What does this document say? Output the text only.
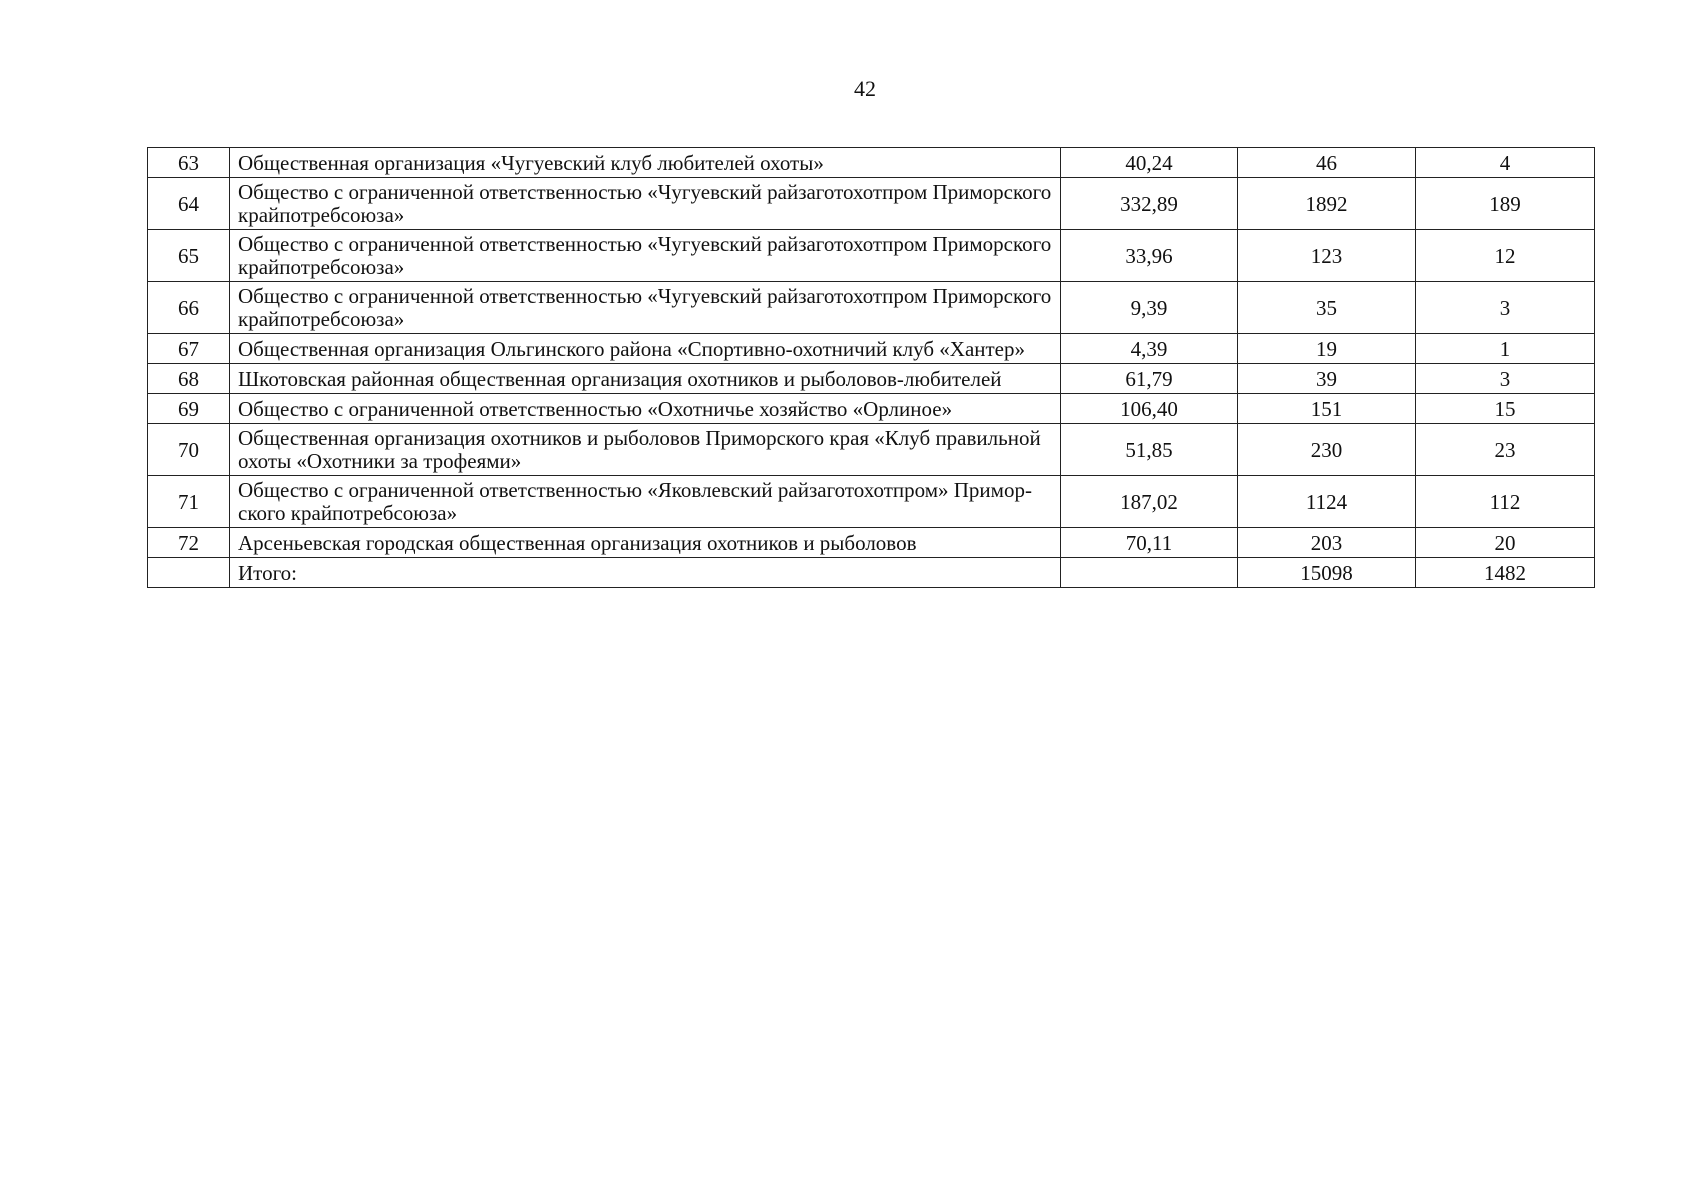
42
63	Общественная организация «Чугуевский клуб любителей охоты»	40,24	46	4
64	Общество с ограниченной ответственностью «Чугуевский райзаготохотпром Приморского крайпотребсоюза»	332,89	1892	189
65	Общество с ограниченной ответственностью «Чугуевский райзаготохотпром Приморского крайпотребсоюза»	33,96	123	12
66	Общество с ограниченной ответственностью «Чугуевский райзаготохотпром Приморского крайпотребсоюза»	9,39	35	3
67	Общественная организация Ольгинского района «Спортивно-охотничий клуб «Хантер»	4,39	19	1
68	Шкотовская районная общественная организация охотников и рыболовов-любителей	61,79	39	3
69	Общество с ограниченной ответственностью «Охотничье хозяйство «Орлиное»	106,40	151	15
70	Общественная организация охотников и рыболовов Приморского края «Клуб правильной охоты «Охотники за трофеями»	51,85	230	23
71	Общество с ограниченной ответственностью «Яковлевский райзаготохотпром» Примор-ского крайпотребсоюза»	187,02	1124	112
72	Арсеньевская городская общественная организация охотников и рыболовов	70,11	203	20
	Итого:		15098	1482
